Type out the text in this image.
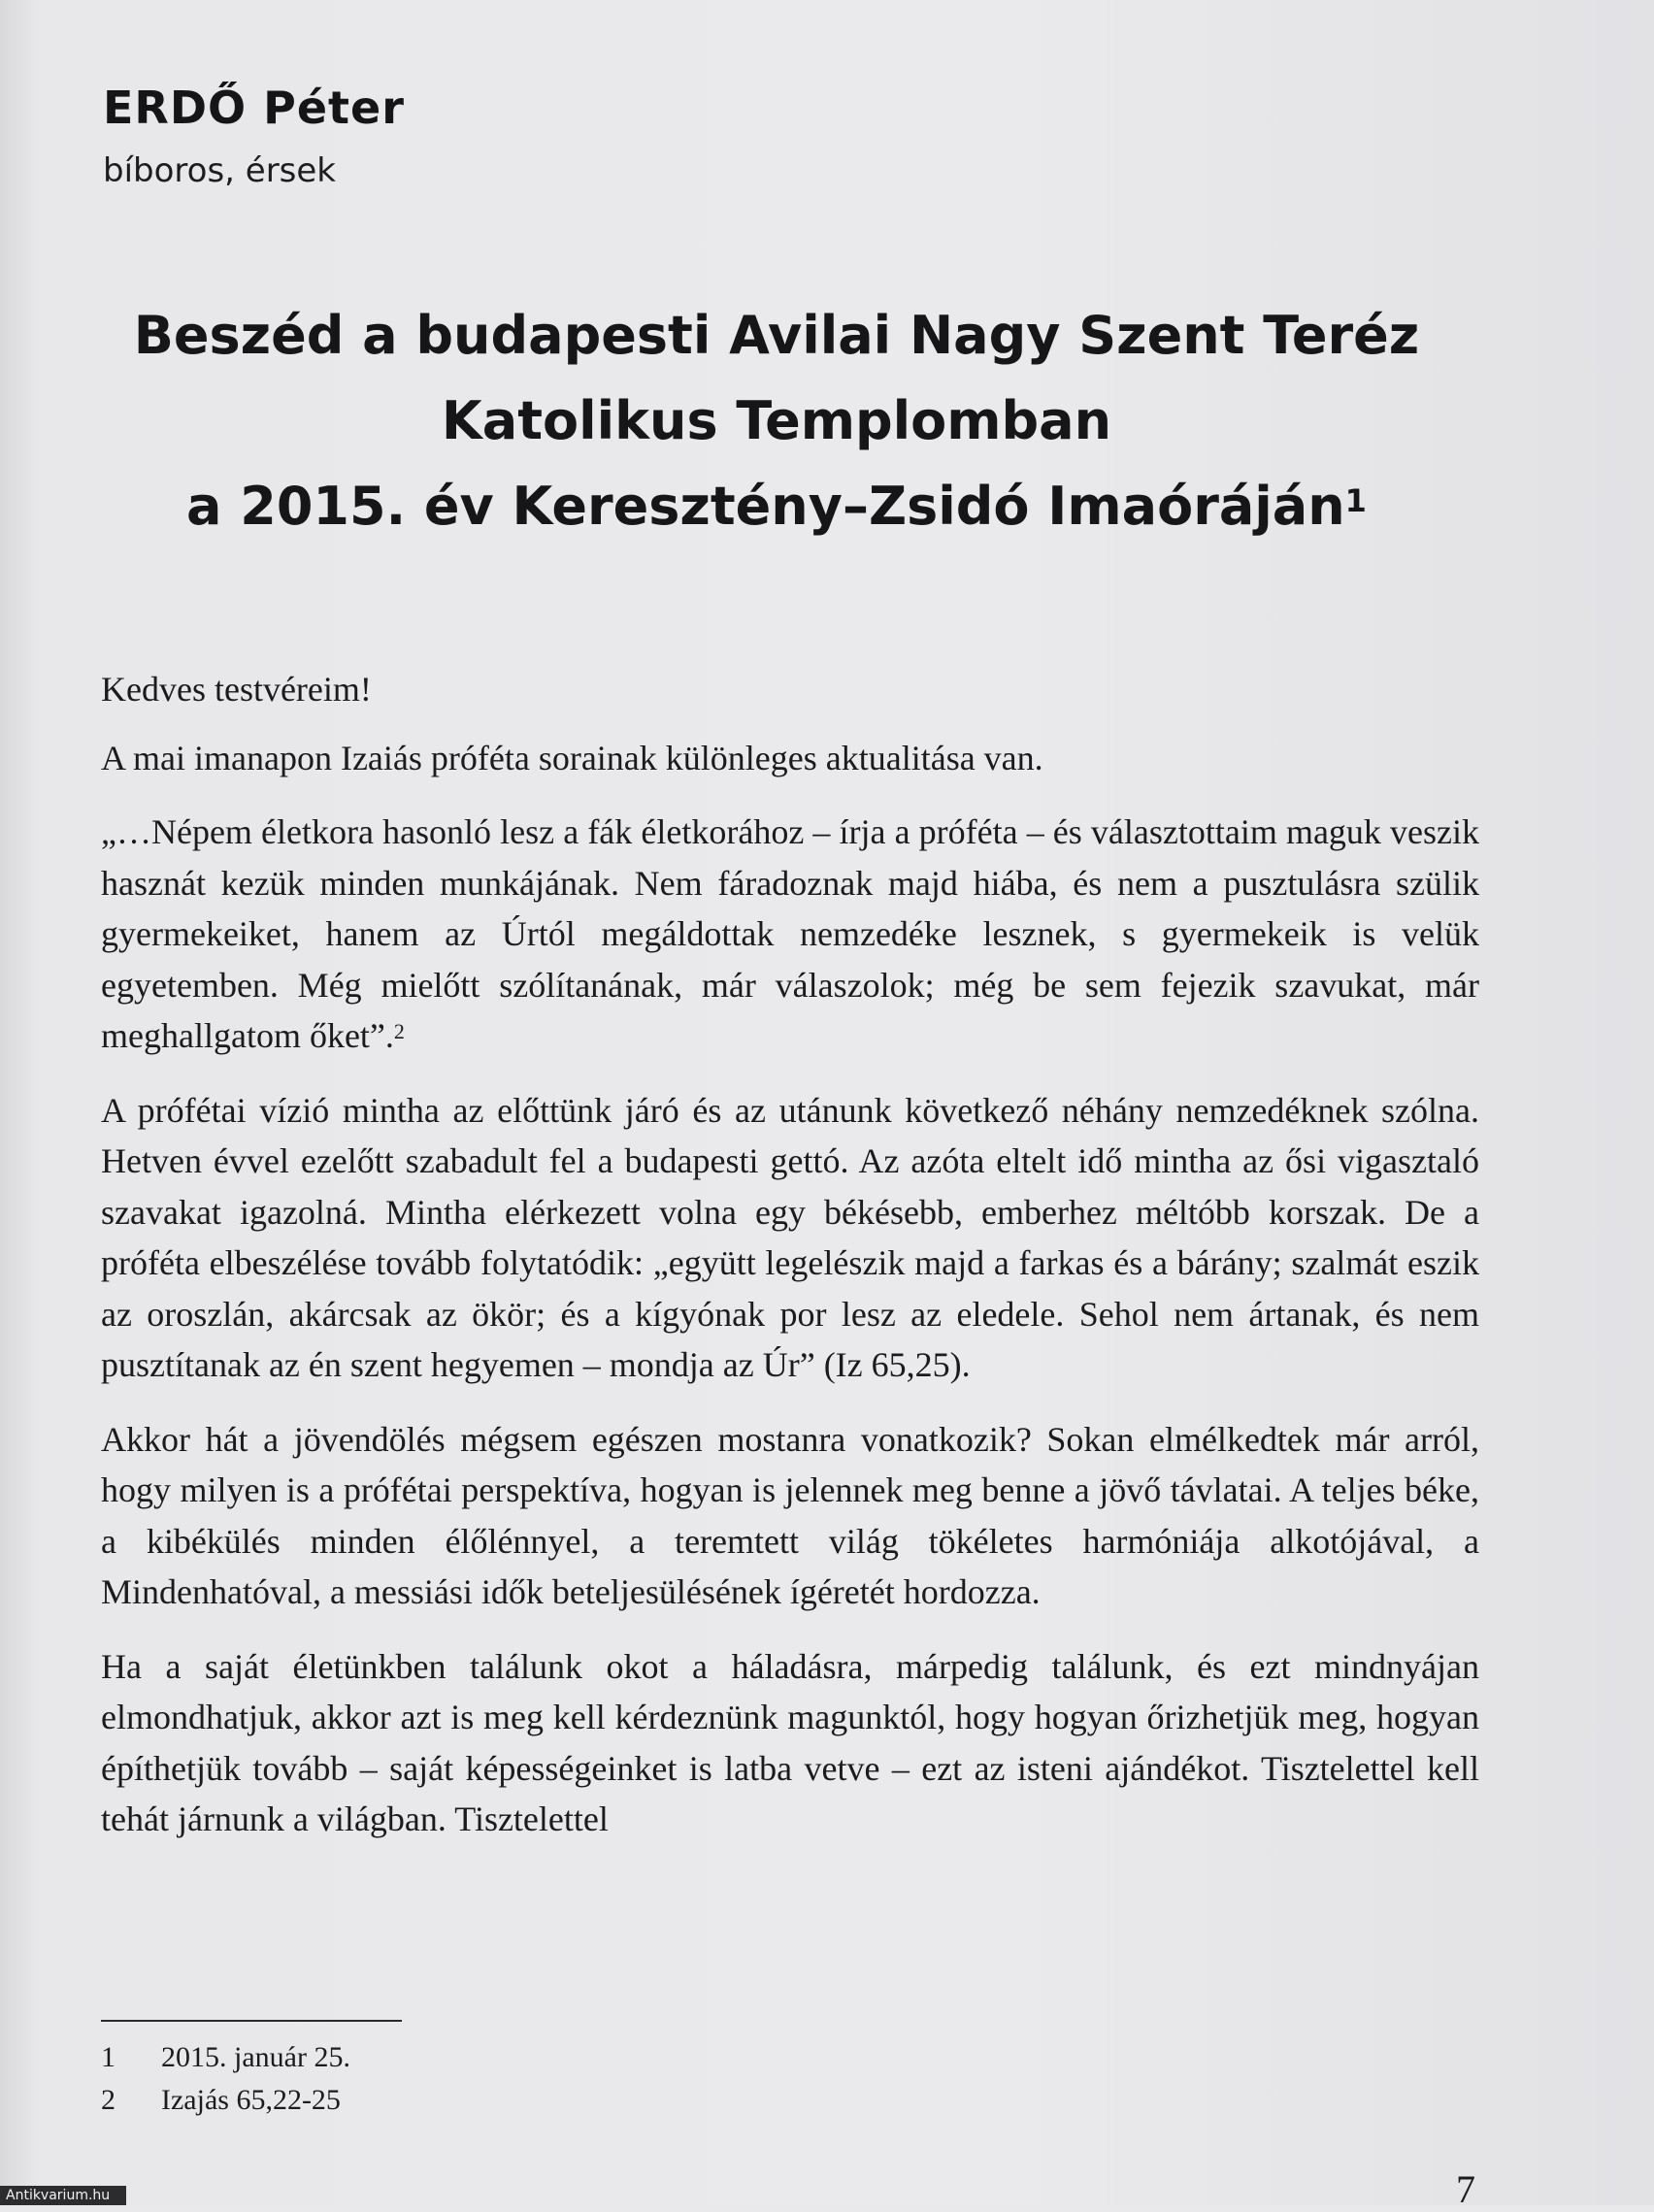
ERDŐ Péter
bíboros, érsek
Beszéd a budapesti Avilai Nagy Szent Teréz
Katolikus Templomban
a 2015. év Keresztény–Zsidó Imaóráján$^1$

Kedves testvéreim!

A mai imanapon Izaiás próféta sorainak különleges aktualitása van.

„…Népem életkora hasonló lesz a fák életkorához – írja a próféta – és választottaim maguk veszik hasznát kezük minden munkájának. Nem fáradoznak majd hiába, és nem a pusztulásra szülik gyermekeiket, hanem az Úrtól megáldottak nemzedéke lesznek, s gyermekeik is velük egyetemben. Még mielőtt szólítanának, már válaszolok; még be sem fejezik szavukat, már meghallgatom őket”.$^2$

A prófétai vízió mintha az előttünk járó és az utánunk következő néhány nemzedéknek szólna. Hetven évvel ezelőtt szabadult fel a budapesti gettó. Az azóta eltelt idő mintha az ősi vigasztaló szavakat igazolná. Mintha elérkezett volna egy békésebb, emberhez méltóbb korszak. De a próféta elbeszélése tovább folytatódik: „együtt legelészik majd a farkas és a bárány; szalmát eszik az oroszlán, akárcsak az ökör; és a kígyónak por lesz az eledele. Sehol nem ártanak, és nem pusztítanak az én szent hegyemen – mondja az Úr” (Iz 65,25).

Akkor hát a jövendölés mégsem egészen mostanra vonatkozik? Sokan elmélkedtek már arról, hogy milyen is a prófétai perspektíva, hogyan is jelennek meg benne a jövő távlatai. A teljes béke, a kibékülés minden élőlénnyel, a teremtett világ tökéletes harmóniája alkotójával, a Mindenhatóval, a messiási idők beteljesülésének ígéretét hordozza.

Ha a saját életünkben találunk okot a háladásra, márpedig találunk, és ezt mindnyájan elmondhatjuk, akkor azt is meg kell kérdeznünk magunktól, hogy hogyan őrizhetjük meg, hogyan építhetjük tovább – saját képességeinket is latba vetve – ezt az isteni ajándékot. Tisztelettel kell tehát járnunk a világban. Tisztelettel

1	2015. január 25.
2	Izajás 65,22-25
7
Antikvarium.hu
